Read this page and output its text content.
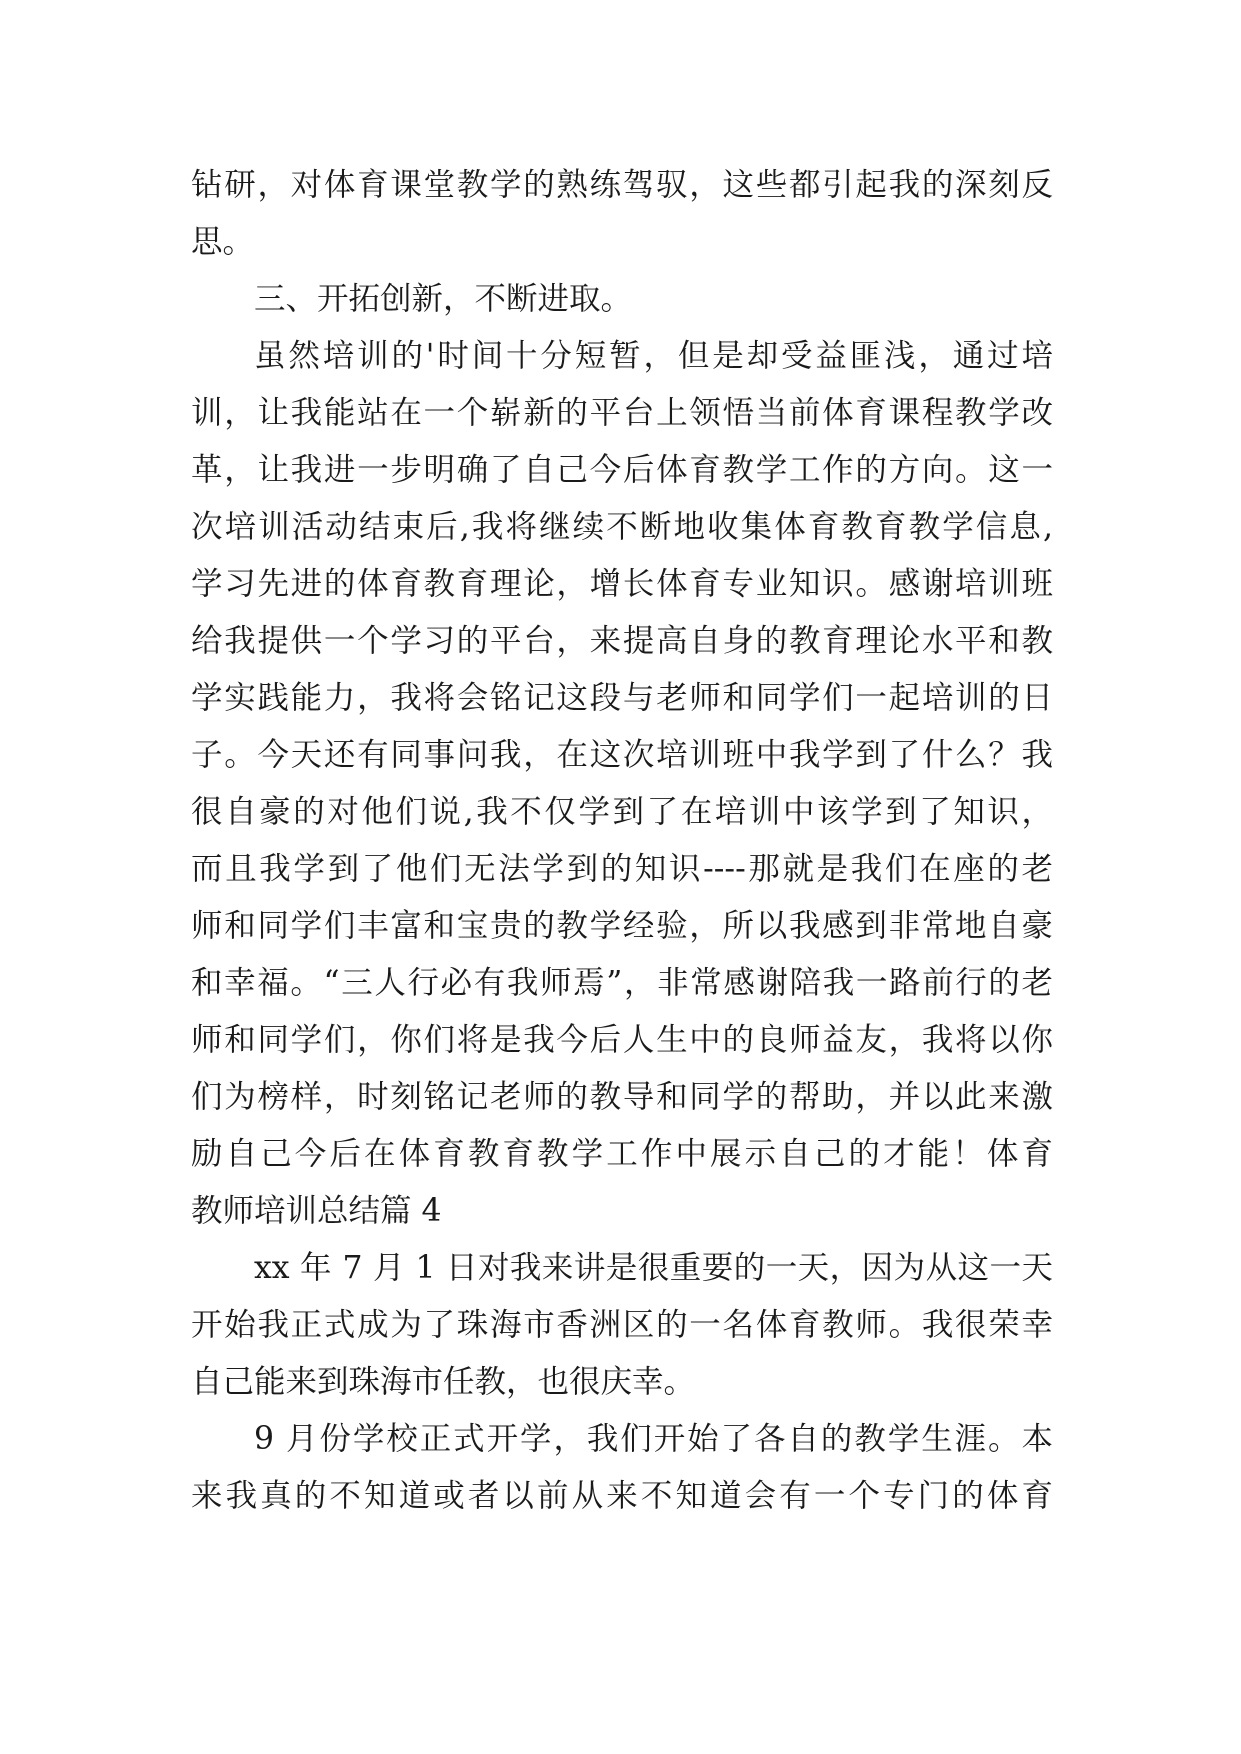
钻研，对体育课堂教学的熟练驾驭，这些都引起我的深刻反
思。
三、开拓创新，不断进取。
虽然培训的'时间十分短暂，但是却受益匪浅，通过培
训，让我能站在一个崭新的平台上领悟当前体育课程教学改
革，让我进一步明确了自己今后体育教学工作的方向。这一
次培训活动结束后,我将继续不断地收集体育教育教学信息,
学习先进的体育教育理论，增长体育专业知识。感谢培训班
给我提供一个学习的平台，来提高自身的教育理论水平和教
学实践能力，我将会铭记这段与老师和同学们一起培训的日
子。今天还有同事问我，在这次培训班中我学到了什么？我
很自豪的对他们说,我不仅学到了在培训中该学到了知识，
而且我学到了他们无法学到的知识----那就是我们在座的老
师和同学们丰富和宝贵的教学经验，所以我感到非常地自豪
和幸福。“三人行必有我师焉”，非常感谢陪我一路前行的老
师和同学们，你们将是我今后人生中的良师益友，我将以你
们为榜样，时刻铭记老师的教导和同学的帮助，并以此来激
励自己今后在体育教育教学工作中展示自己的才能！体育
教师培训总结篇 4
xx 年 7 月 1 日对我来讲是很重要的一天，因为从这一天
开始我正式成为了珠海市香洲区的一名体育教师。我很荣幸
自己能来到珠海市任教，也很庆幸。
9 月份学校正式开学，我们开始了各自的教学生涯。本
来我真的不知道或者以前从来不知道会有一个专门的体育
